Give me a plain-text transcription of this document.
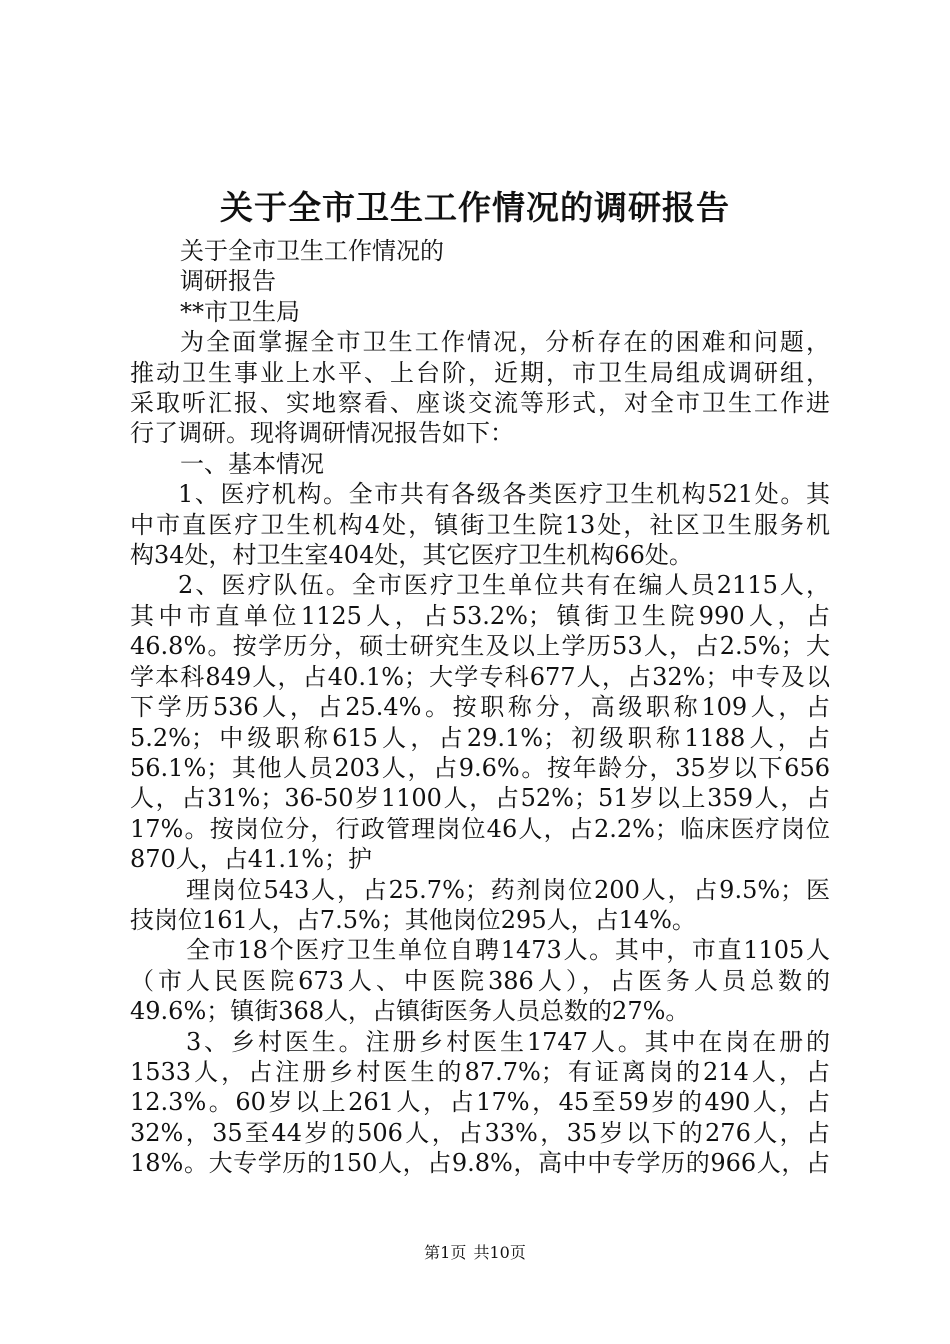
关于全市卫生工作情况的调研报告

关于全市卫生工作情况的

调研报告

**市卫生局

为全面掌握全市卫生工作情况，分析存在的困难和问题，

推动卫生事业上水平、上台阶，近期，市卫生局组成调研组，

采取听汇报、实地察看、座谈交流等形式，对全市卫生工作进

行了调研。现将调研情况报告如下：

一、基本情况

1、医疗机构。全市共有各级各类医疗卫生机构521处。其

中市直医疗卫生机构4处，镇街卫生院13处，社区卫生服务机

构34处，村卫生室404处，其它医疗卫生机构66处。

2、医疗队伍。全市医疗卫生单位共有在编人员2115人，

其中市直单位1125人，占53.2%；镇街卫生院990人，占

46.8%。按学历分，硕士研究生及以上学历53人，占2.5%；大

学本科849人，占40.1%；大学专科677人，占32%；中专及以

下学历536人，占25.4%。按职称分，高级职称109人，占

5.2%；中级职称615人，占29.1%；初级职称1188人，占

56.1%；其他人员203人，占9.6%。按年龄分，35岁以下656

人，占31%；36-50岁1100人，占52%；51岁以上359人，占

17%。按岗位分，行政管理岗位46人，占2.2%；临床医疗岗位

870人，占41.1%；护

理岗位543人，占25.7%；药剂岗位200人，占9.5%；医

技岗位161人，占7.5%；其他岗位295人，占14%。

全市18个医疗卫生单位自聘1473人。其中，市直1105人

（市人民医院673人、中医院386人），占医务人员总数的

49.6%；镇街368人，占镇街医务人员总数的27%。

3、乡村医生。注册乡村医生1747人。其中在岗在册的

1533人，占注册乡村医生的87.7%；有证离岗的214人，占

12.3%。60岁以上261人，占17%，45至59岁的490人，占

32%，35至44岁的506人，占33%，35岁以下的276人，占

18%。大专学历的150人，占9.8%，高中中专学历的966人，占

第1页 共10页
